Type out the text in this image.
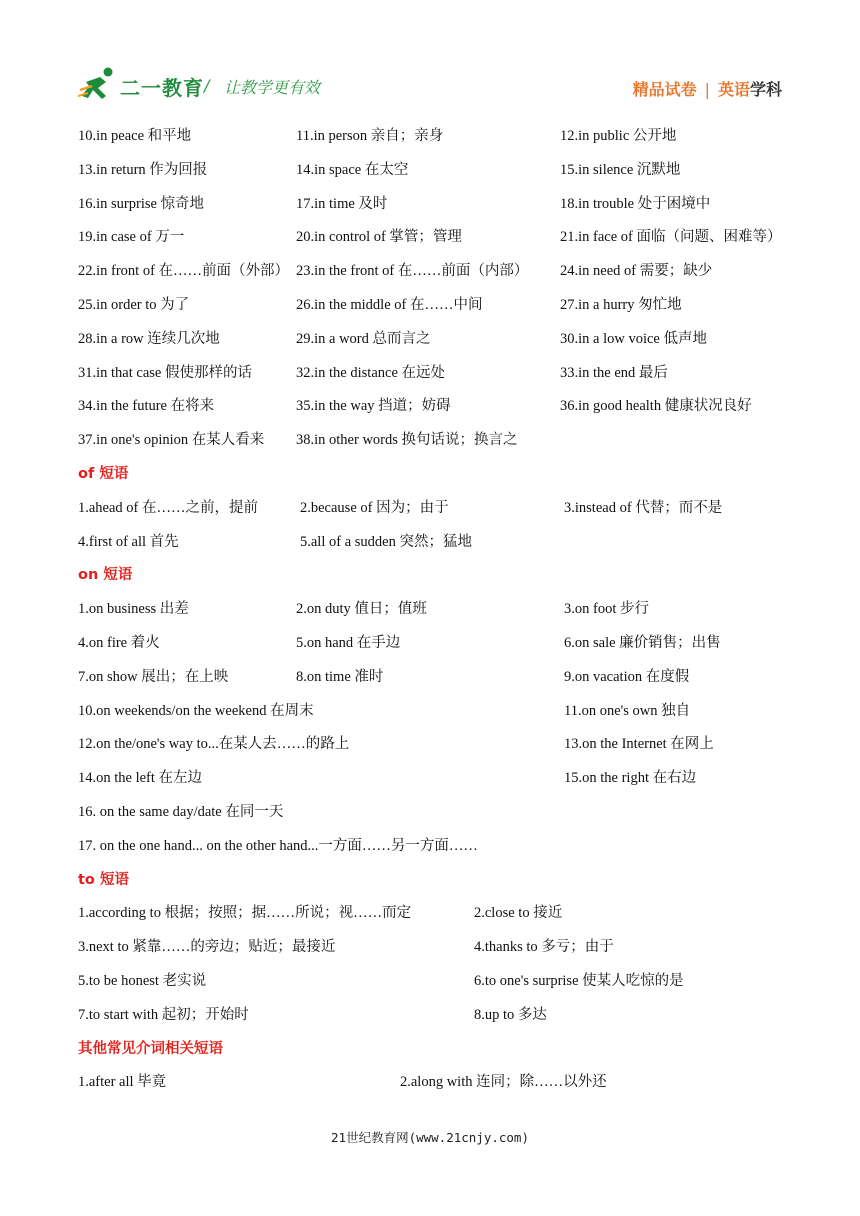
二一教育 / 让教学更有效	精品试卷 | 英语学科
10.in peace 和平地	11.in person 亲自；亲身	12.in public 公开地
13.in return 作为回报	14.in space 在太空	15.in silence 沉默地
16.in surprise 惊奇地	17.in time 及时	18.in trouble 处于困境中
19.in case of 万一	20.in control of 掌管；管理	21.in face of 面临（问题、困难等）
22.in front of 在……前面（外部） 23.in the front of 在……前面（内部） 24.in need of 需要；缺少
25.in order to 为了	26.in the middle of 在……中间	27.in a hurry 匆忙地
28.in a row 连续几次地	29.in a word 总而言之	30.in a low voice 低声地
31.in that case 假使那样的话	32.in the distance 在远处	33.in the end 最后
34.in the future 在将来	35.in the way 挡道；妨碍	36.in good health 健康状况良好
37.in one's opinion 在某人看来 38.in other words 换句话说；换言之
of 短语
1.ahead of 在……之前，提前	2.because of 因为；由于	3.instead of 代替；而不是
4.first of all 首先	5.all of a sudden 突然；猛地
on 短语
1.on business 出差	2.on duty 值日；值班	3.on foot 步行
4.on fire 着火	5.on hand 在手边	6.on sale 廉价销售；出售
7.on show 展出；在上映	8.on time 准时	9.on vacation 在度假
10.on weekends/on the weekend 在周末	11.on one's own 独自
12.on the/one's way to...在某人去……的路上	13.on the Internet 在网上
14.on the left 在左边	15.on the right 在右边
16. on the same day/date 在同一天
17. on the one hand... on the other hand...一方面……另一方面……
to 短语
1.according to 根据；按照；据……所说；视……而定	2.close to 接近
3.next to 紧靠……的旁边；贴近；最接近	4.thanks to 多亏；由于
5.to be honest 老实说	6.to one's surprise 使某人吃惊的是
7.to start with 起初；开始时	8.up to 多达
其他常见介词相关短语
1.after all 毕竟	2.along with 连同；除……以外还
21世纪教育网(www.21cnjy.com)
